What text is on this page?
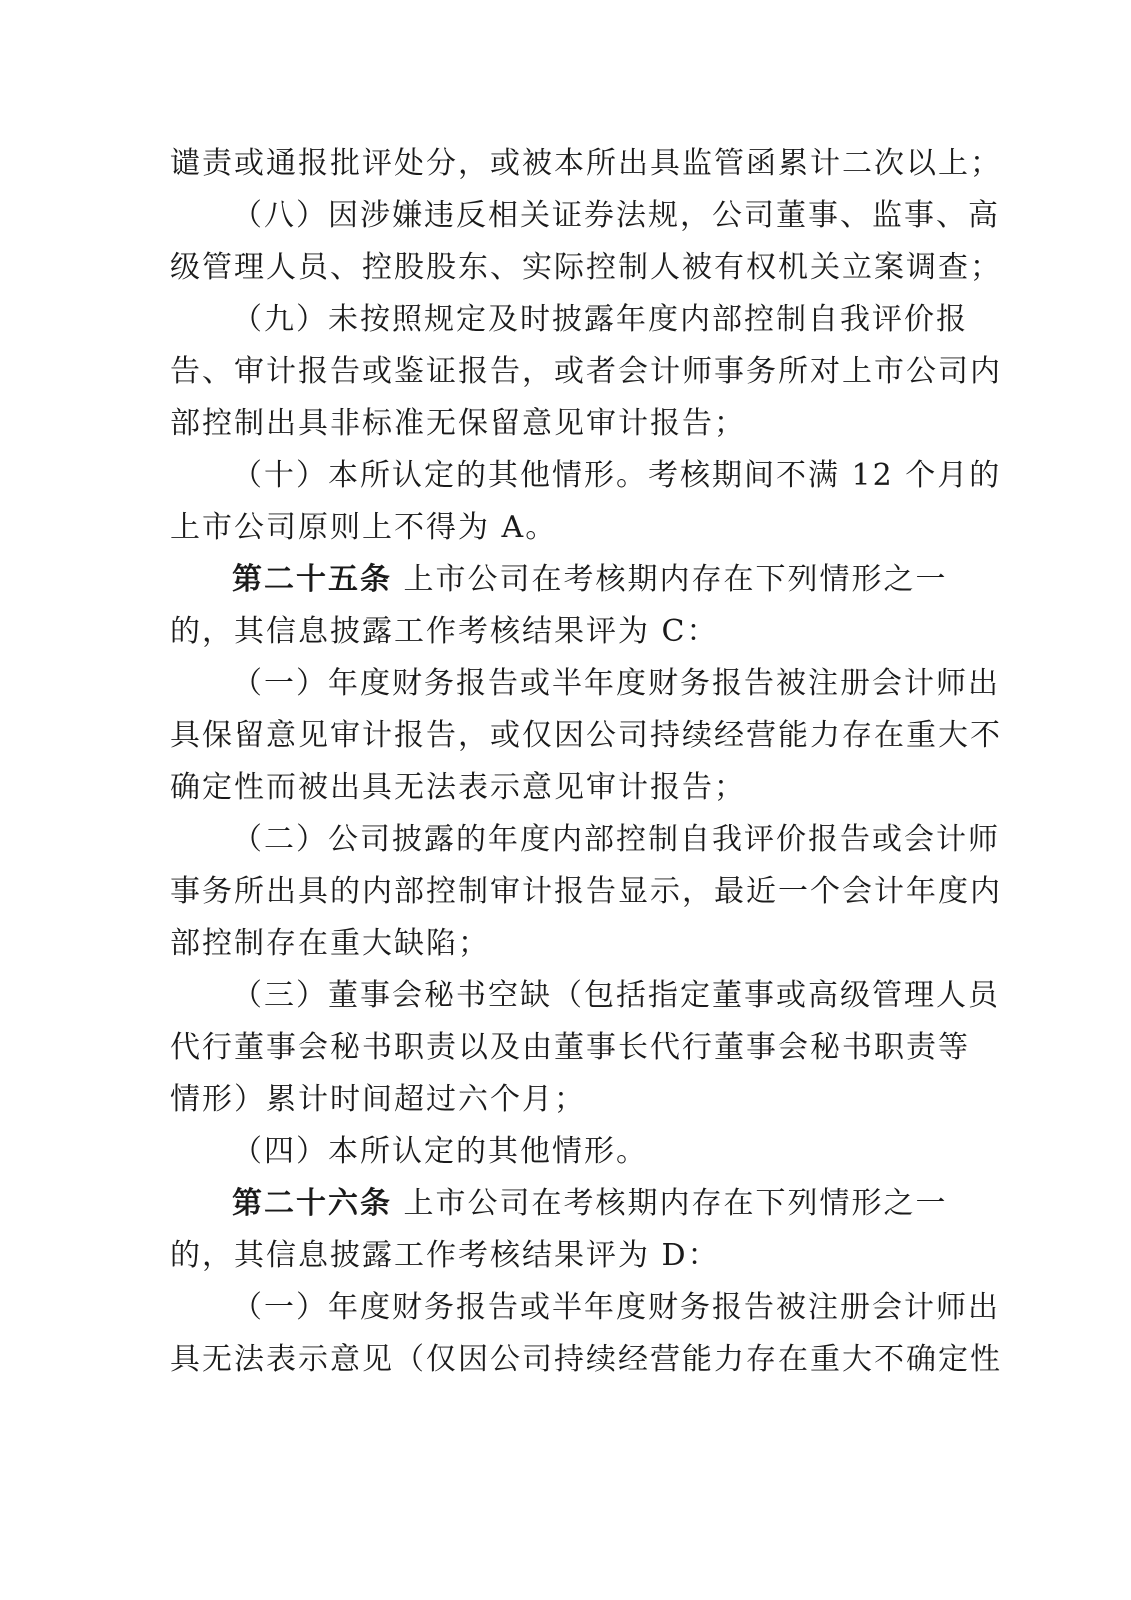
谴责或通报批评处分，或被本所出具监管函累计二次以上；
（八）因涉嫌违反相关证券法规，公司董事、监事、高
级管理人员、控股股东、实际控制人被有权机关立案调查；
（九）未按照规定及时披露年度内部控制自我评价报
告、审计报告或鉴证报告，或者会计师事务所对上市公司内
部控制出具非标准无保留意见审计报告；
（十）本所认定的其他情形。考核期间不满 12 个月的
上市公司原则上不得为 A。
第二十五条 上市公司在考核期内存在下列情形之一
的，其信息披露工作考核结果评为 C：
（一）年度财务报告或半年度财务报告被注册会计师出
具保留意见审计报告，或仅因公司持续经营能力存在重大不
确定性而被出具无法表示意见审计报告；
（二）公司披露的年度内部控制自我评价报告或会计师
事务所出具的内部控制审计报告显示，最近一个会计年度内
部控制存在重大缺陷；
（三）董事会秘书空缺（包括指定董事或高级管理人员
代行董事会秘书职责以及由董事长代行董事会秘书职责等
情形）累计时间超过六个月；
（四）本所认定的其他情形。
第二十六条 上市公司在考核期内存在下列情形之一
的，其信息披露工作考核结果评为 D：
（一）年度财务报告或半年度财务报告被注册会计师出
具无法表示意见（仅因公司持续经营能力存在重大不确定性
